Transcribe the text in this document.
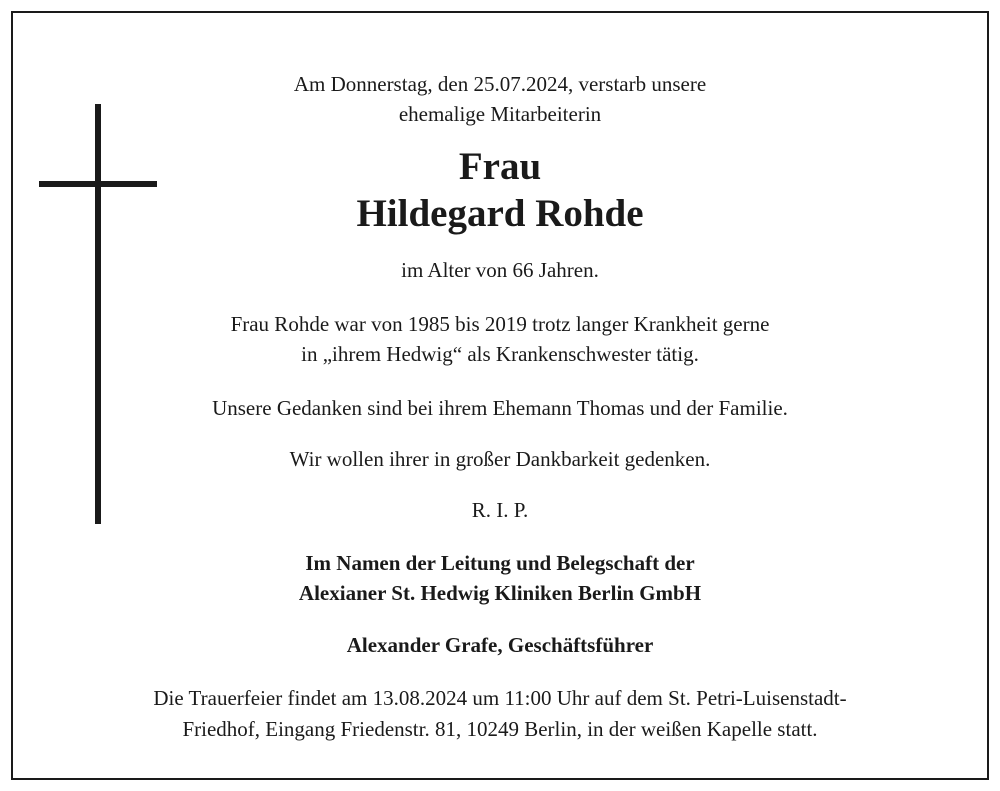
Am Donnerstag, den 25.07.2024, verstarb unsere
ehemalige Mitarbeiterin
Frau
Hildegard Rohde
im Alter von 66 Jahren.
Frau Rohde war von 1985 bis 2019 trotz langer Krankheit gerne
in „ihrem Hedwig“ als Krankenschwester tätig.
Unsere Gedanken sind bei ihrem Ehemann Thomas und der Familie.
Wir wollen ihrer in großer Dankbarkeit gedenken.
R. I. P.
Im Namen der Leitung und Belegschaft der
Alexianer St. Hedwig Kliniken Berlin GmbH
Alexander Grafe, Geschäftsführer
Die Trauerfeier findet am 13.08.2024 um 11:00 Uhr auf dem St. Petri-Luisenstadt-
Friedhof, Eingang Friedenstr. 81, 10249 Berlin, in der weißen Kapelle statt.
